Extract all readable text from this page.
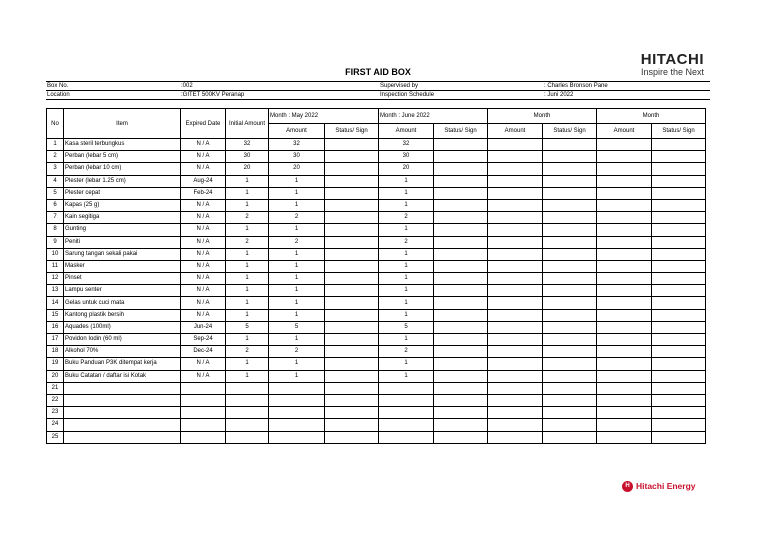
HITACHI
Inspire the Next
FIRST AID BOX
Box No.	:002	Supervised by	: Charles Bronson Pane
Location	:GITET 500KV Peranap	Inspection Schedule	: Juni 2022
No	Item	Expired Date	Initial Amount	Month : May 2022		Month : June 2022		Month		Month	
				Amount	Status/ Sign	Amount	Status/ Sign	Amount	Status/ Sign	Amount	Status/ Sign
1	Kasa steril terbungkus	N / A	32	32		32					
2	Perban (lebar 5 cm)	N / A	30	30		30					
3	Perban (lebar 10 cm)	N / A	20	20		20					
4	Plester (lebar 1.25 cm)	Aug-24	1	1		1					
5	Plester cepat	Feb-24	1	1		1					
6	Kapas (25 g)	N / A	1	1		1					
7	Kain segitiga	N / A	2	2		2					
8	Gunting	N / A	1	1		1					
9	Peniti	N / A	2	2		2					
10	Sarung tangan sekali pakai	N / A	1	1		1					
11	Masker	N / A	1	1		1					
12	Pinset	N / A	1	1		1					
13	Lampu senter	N / A	1	1		1					
14	Gelas untuk cuci mata	N / A	1	1		1					
15	Kantong plastik bersih	N / A	1	1		1					
16	Aquades (100ml)	Jun-24	5	5		5					
17	Povidon Iodin (60 ml)	Sep-24	1	1		1					
18	Alkohol 70%	Dec-24	2	2		2					
19	Buku Panduan P3K ditempat kerja	N / A	1	1		1					
20	Buku Catatan / daftar isi Kotak	N / A	1	1		1					
21											
22											
23											
24											
25											
H Hitachi Energy
